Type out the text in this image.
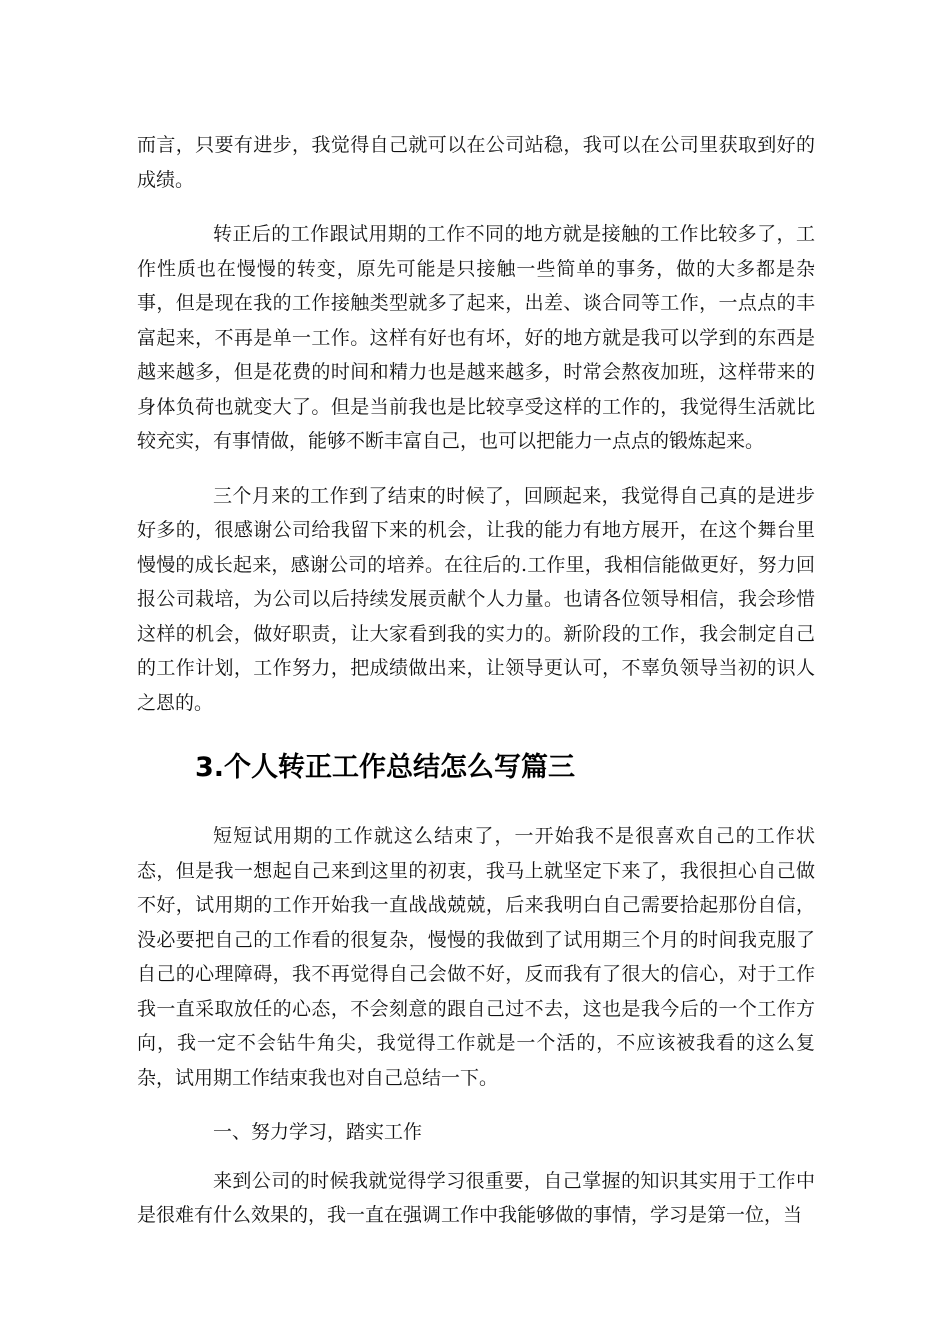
而言，只要有进步，我觉得自己就可以在公司站稳，我可以在公司里获取到好的成绩。

转正后的工作跟试用期的工作不同的地方就是接触的工作比较多了，工作性质也在慢慢的转变，原先可能是只接触一些简单的事务，做的大多都是杂事，但是现在我的工作接触类型就多了起来，出差、谈合同等工作，一点点的丰富起来，不再是单一工作。这样有好也有坏，好的地方就是我可以学到的东西是越来越多，但是花费的时间和精力也是越来越多，时常会熬夜加班，这样带来的身体负荷也就变大了。但是当前我也是比较享受这样的工作的，我觉得生活就比较充实，有事情做，能够不断丰富自己，也可以把能力一点点的锻炼起来。

三个月来的工作到了结束的时候了，回顾起来，我觉得自己真的是进步好多的，很感谢公司给我留下来的机会，让我的能力有地方展开，在这个舞台里慢慢的成长起来，感谢公司的培养。在往后的.工作里，我相信能做更好，努力回报公司栽培，为公司以后持续发展贡献个人力量。也请各位领导相信，我会珍惜这样的机会，做好职责，让大家看到我的实力的。新阶段的工作，我会制定自己的工作计划，工作努力，把成绩做出来，让领导更认可，不辜负领导当初的识人之恩的。

3.个人转正工作总结怎么写篇三

短短试用期的工作就这么结束了，一开始我不是很喜欢自己的工作状态，但是我一想起自己来到这里的初衷，我马上就坚定下来了，我很担心自己做不好，试用期的工作开始我一直战战兢兢，后来我明白自己需要拾起那份自信，没必要把自己的工作看的很复杂，慢慢的我做到了试用期三个月的时间我克服了自己的心理障碍，我不再觉得自己会做不好，反而我有了很大的信心，对于工作我一直采取放任的心态，不会刻意的跟自己过不去，这也是我今后的一个工作方向，我一定不会钻牛角尖，我觉得工作就是一个活的，不应该被我看的这么复杂，试用期工作结束我也对自己总结一下。

一、努力学习，踏实工作

来到公司的时候我就觉得学习很重要，自己掌握的知识其实用于工作中是很难有什么效果的，我一直在强调工作中我能够做的事情，学习是第一位，当
